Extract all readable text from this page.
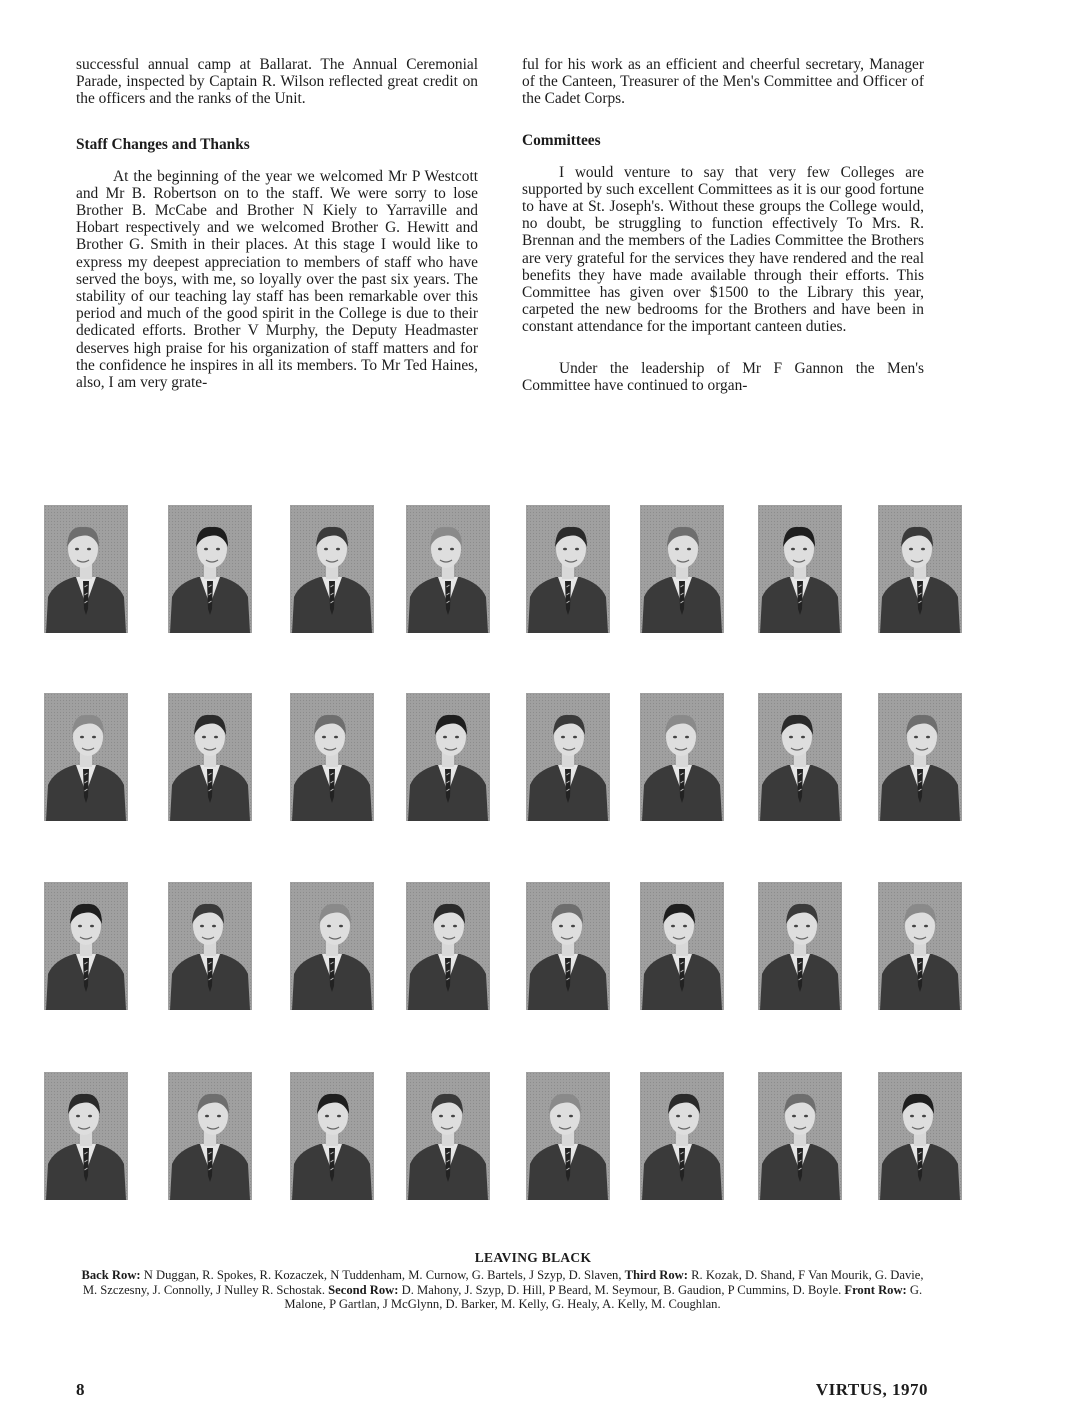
successful annual camp at Ballarat. The Annual Ceremonial Parade, inspected by Captain R. Wilson reflected great credit on the officers and the ranks of the Unit.

Staff Changes and Thanks

At the beginning of the year we welcomed Mr P Westcott and Mr B. Robertson on to the staff. We were sorry to lose Brother B. McCabe and Brother N Kiely to Yarraville and Hobart respectively and we welcomed Brother G. Hewitt and Brother G. Smith in their places. At this stage I would like to express my deepest appreciation to members of staff who have served the boys, with me, so loyally over the past six years. The stability of our teaching lay staff has been remarkable over this period and much of the good spirit in the College is due to their dedicated efforts. Brother V Murphy, the Deputy Headmaster deserves high praise for his organization of staff matters and for the confidence he inspires in all its members. To Mr Ted Haines, also, I am very grate-

ful for his work as an efficient and cheerful secretary, Manager of the Canteen, Treasurer of the Men's Committee and Officer of the Cadet Corps.

Committees

I would venture to say that very few Colleges are supported by such excellent Committees as it is our good fortune to have at St. Joseph's. Without these groups the College would, no doubt, be struggling to function effectively To Mrs. R. Brennan and the members of the Ladies Committee the Brothers are very grateful for the services they have rendered and the real benefits they have made available through their efforts. This Committee has given over $1500 to the Library this year, carpeted the new bedrooms for the Brothers and have been in constant attendance for the important canteen duties.

Under the leadership of Mr F Gannon the Men's Committee have continued to organ-

LEAVING BLACK
Back Row: N Duggan, R. Spokes, R. Kozaczek, N Tuddenham, M. Curnow, G. Bartels, J Szyp, D. Slaven, Third Row: R. Kozak, D. Shand, F Van Mourik, G. Davie, M. Szczesny, J. Connolly, J Nulley R. Schostak. Second Row: D. Mahony, J. Szyp, D. Hill, P Beard, M. Seymour, B. Gaudion, P Cummins, D. Boyle. Front Row: G. Malone, P Gartlan, J McGlynn, D. Barker, M. Kelly, G. Healy, A. Kelly, M. Coughlan.
8	VIRTUS, 1970
